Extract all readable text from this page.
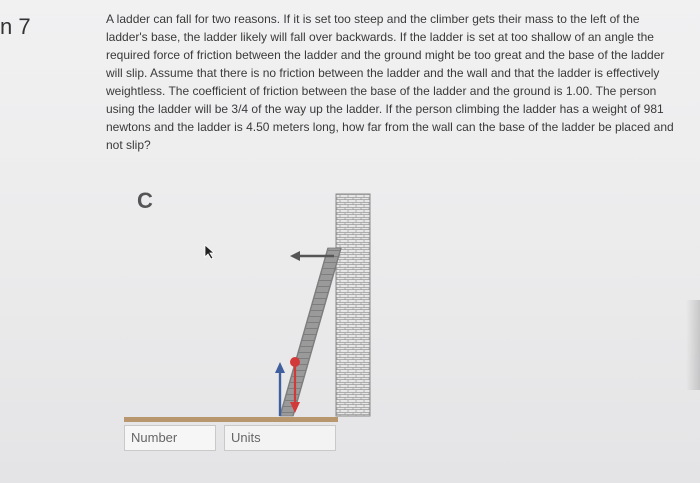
n 7	A ladder can fall for two reasons. If it is set too steep and the climber gets their mass to the left of the
ladder's base, the ladder likely will fall over backwards. If the ladder is set at too shallow of an angle the
required force of friction between the ladder and the ground might be too great and the base of the ladder
will slip. Assume that there is no friction between the ladder and the wall and that the ladder is effectively
weightless. The coefficient of friction between the base of the ladder and the ground is 1.00. The person
using the ladder will be 3/4 of the way up the ladder. If the person climbing the ladder has a weight of 981
newtons and the ladder is 4.50 meters long, how far from the wall can the base of the ladder be placed and
not slip?
C
Number	Units
